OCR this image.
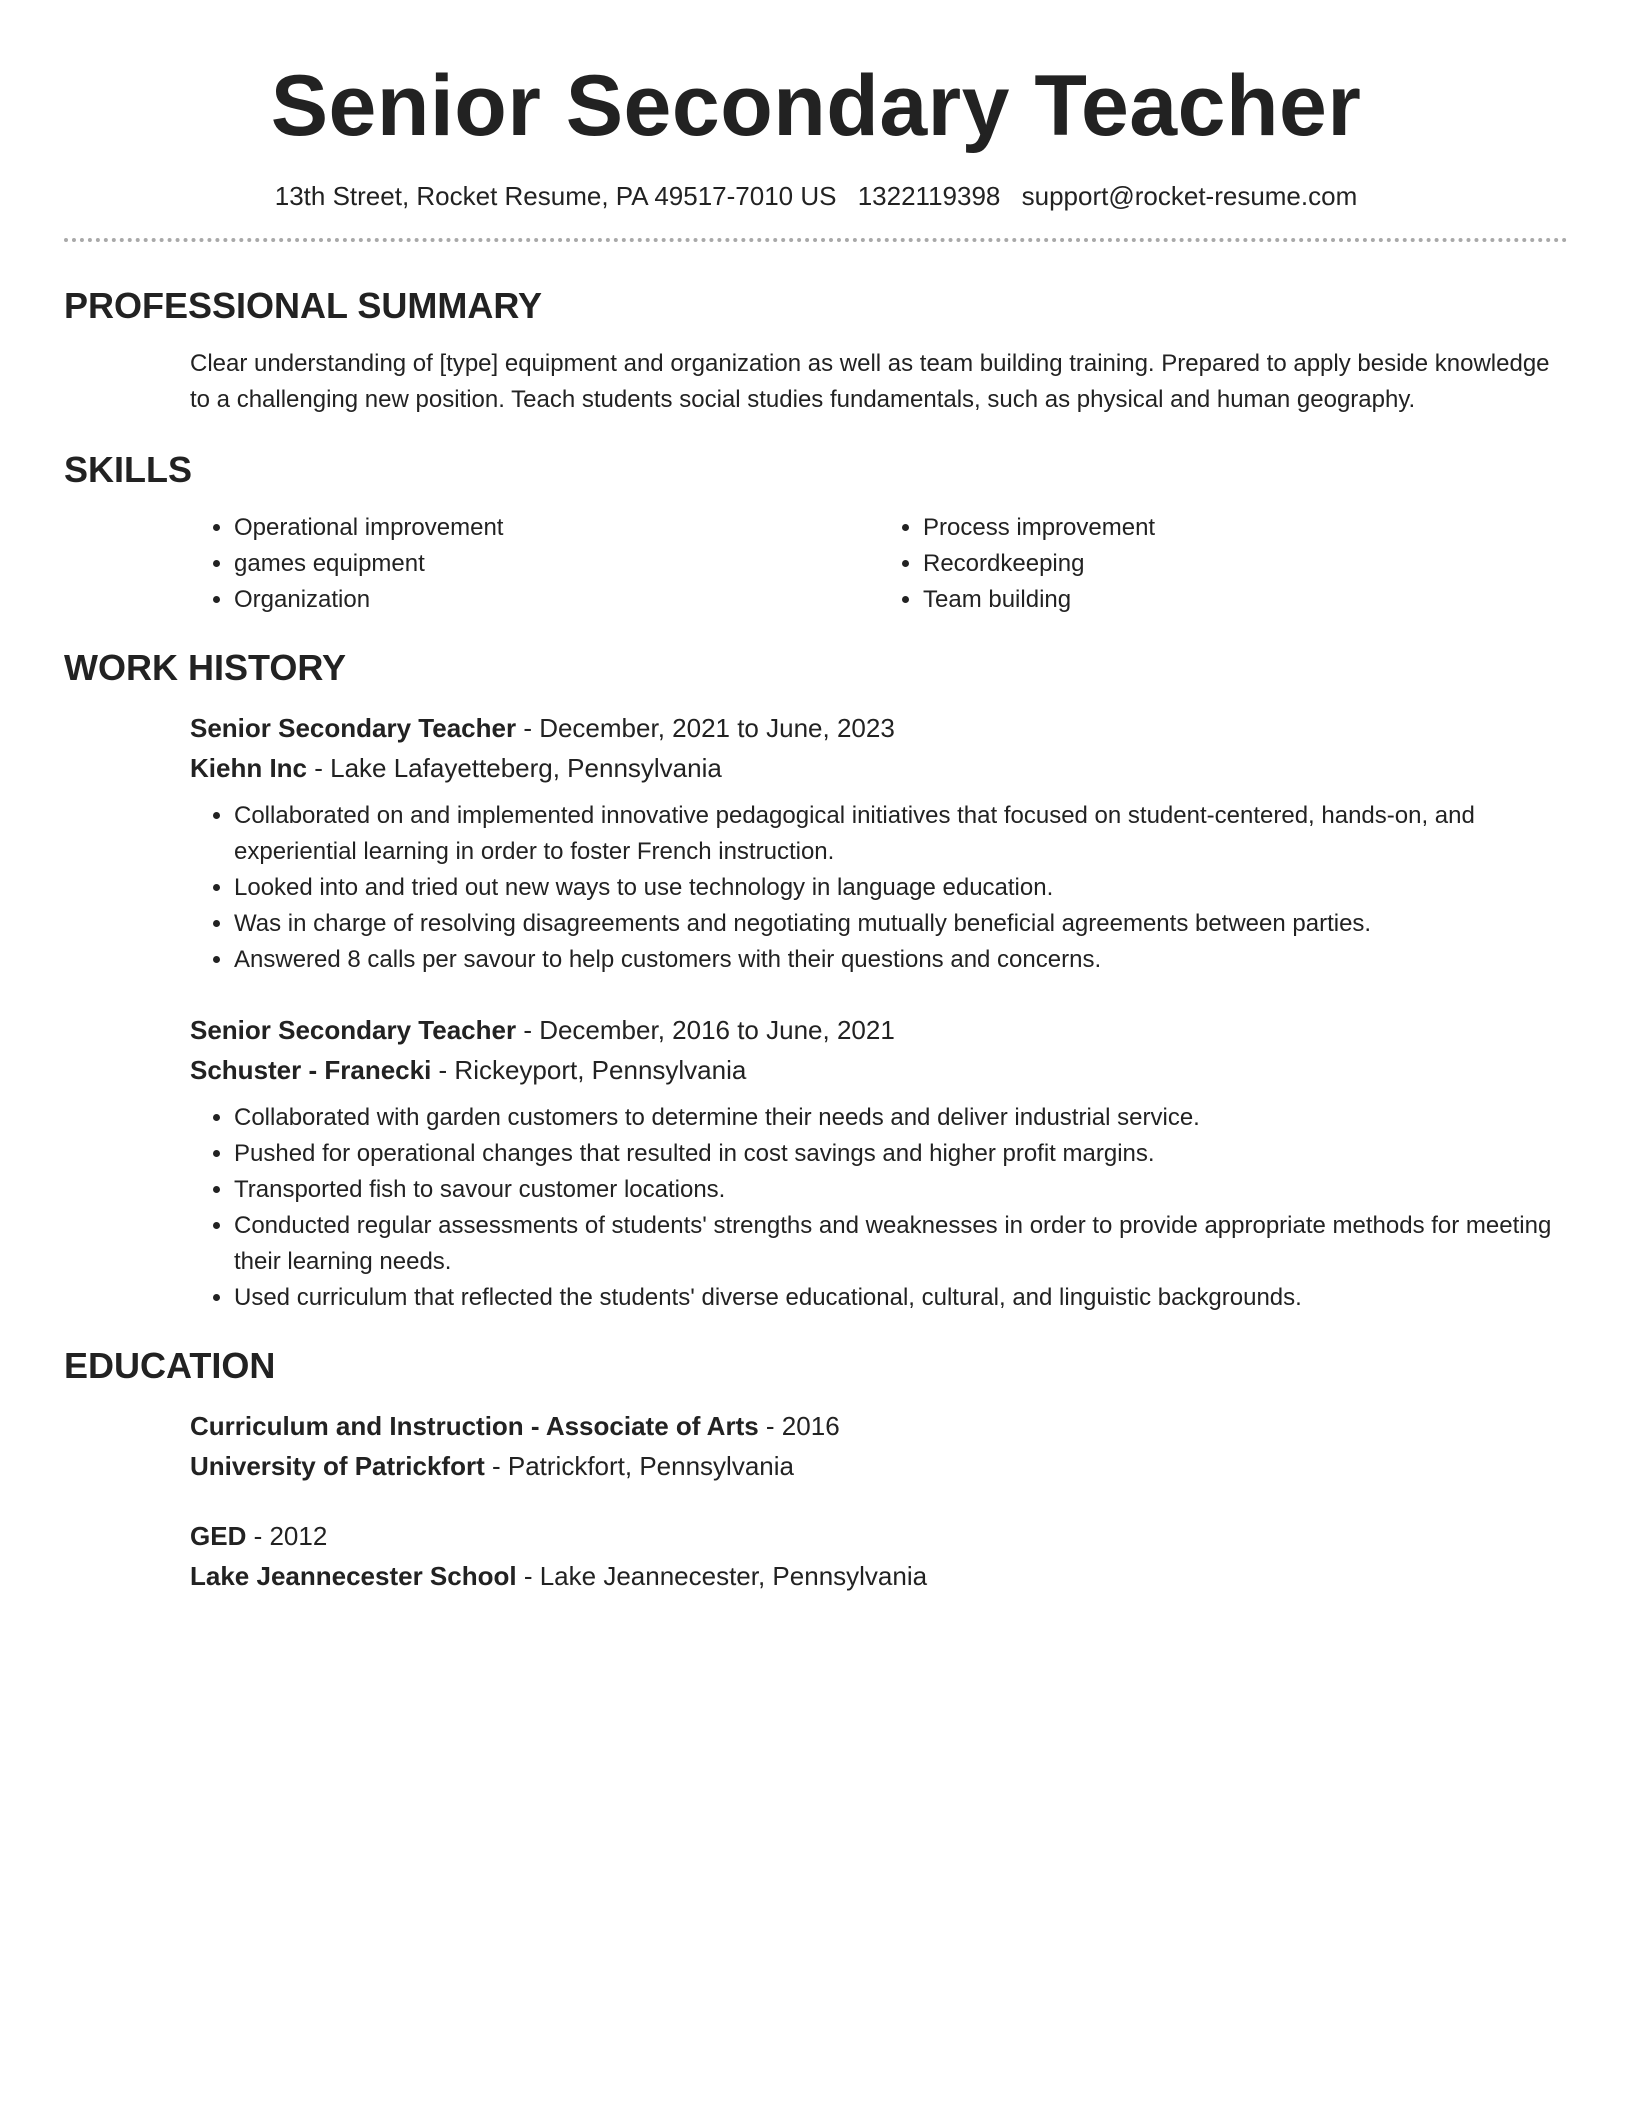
Senior Secondary Teacher
13th Street, Rocket Resume, PA 49517-7010 US 1322119398 support@rocket-resume.com
PROFESSIONAL SUMMARY
Clear understanding of [type] equipment and organization as well as team building training. Prepared to apply beside knowledge to a challenging new position. Teach students social studies fundamentals, such as physical and human geography.
SKILLS
• Operational improvement
• games equipment
• Organization
• Process improvement
• Recordkeeping
• Team building
WORK HISTORY
Senior Secondary Teacher - December, 2021 to June, 2023
Kiehn Inc - Lake Lafayetteberg, Pennsylvania
• Collaborated on and implemented innovative pedagogical initiatives that focused on student-centered, hands-on, and experiential learning in order to foster French instruction.
• Looked into and tried out new ways to use technology in language education.
• Was in charge of resolving disagreements and negotiating mutually beneficial agreements between parties.
• Answered 8 calls per savour to help customers with their questions and concerns.
Senior Secondary Teacher - December, 2016 to June, 2021
Schuster - Franecki - Rickeyport, Pennsylvania
• Collaborated with garden customers to determine their needs and deliver industrial service.
• Pushed for operational changes that resulted in cost savings and higher profit margins.
• Transported fish to savour customer locations.
• Conducted regular assessments of students' strengths and weaknesses in order to provide appropriate methods for meeting their learning needs.
• Used curriculum that reflected the students' diverse educational, cultural, and linguistic backgrounds.
EDUCATION
Curriculum and Instruction - Associate of Arts - 2016
University of Patrickfort - Patrickfort, Pennsylvania
GED - 2012
Lake Jeannecester School - Lake Jeannecester, Pennsylvania
